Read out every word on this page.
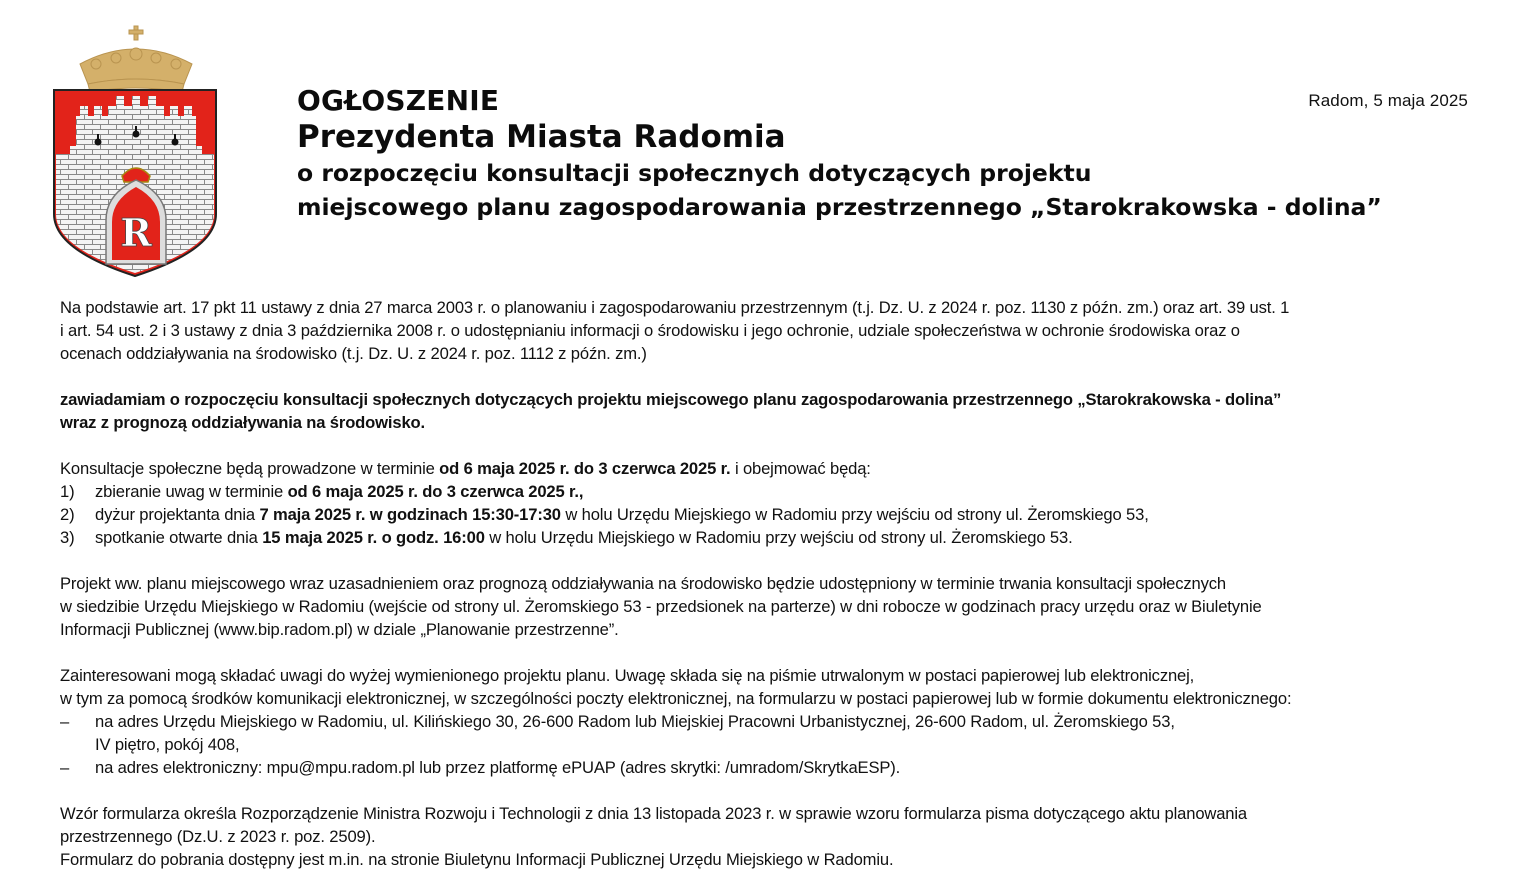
R
Radom, 5 maja 2025
OGŁOSZENIE
Prezydenta Miasta Radomia
o rozpoczęciu konsultacji społecznych dotyczących projektu
miejscowego planu zagospodarowania przestrzennego „Starokrakowska - dolina”

Na podstawie art. 17 pkt 11 ustawy z dnia 27 marca 2003 r. o planowaniu i zagospodarowaniu przestrzennym (t.j. Dz. U. z 2024 r. poz. 1130 z późn. zm.) oraz art. 39 ust. 1

i art. 54 ust. 2 i 3 ustawy z dnia 3 października 2008 r. o udostępnianiu informacji o środowisku i jego ochronie, udziale społeczeństwa w ochronie środowiska oraz o

ocenach oddziaływania na środowisko (t.j. Dz. U. z 2024 r. poz. 1112 z późn. zm.)

zawiadamiam o rozpoczęciu konsultacji społecznych dotyczących projektu miejscowego planu zagospodarowania przestrzennego „Starokrakowska - dolina”

wraz z prognozą oddziaływania na środowisko.

Konsultacje społeczne będą prowadzone w terminie od 6 maja 2025 r. do 3 czerwca 2025 r. i obejmować będą:

1)	zbieranie uwag w terminie od 6 maja 2025 r. do 3 czerwca 2025 r.,
2)	dyżur projektanta dnia 7 maja 2025 r. w godzinach 15:30-17:30 w holu Urzędu Miejskiego w Radomiu przy wejściu od strony ul. Żeromskiego 53,
3)	spotkanie otwarte dnia 15 maja 2025 r. o godz. 16:00 w holu Urzędu Miejskiego w Radomiu przy wejściu od strony ul. Żeromskiego 53.

Projekt ww. planu miejscowego wraz uzasadnieniem oraz prognozą oddziaływania na środowisko będzie udostępniony w terminie trwania konsultacji społecznych

w siedzibie Urzędu Miejskiego w Radomiu (wejście od strony ul. Żeromskiego 53 - przedsionek na parterze) w dni robocze w godzinach pracy urzędu oraz w Biuletynie

Informacji Publicznej (www.bip.radom.pl) w dziale „Planowanie przestrzenne”.

Zainteresowani mogą składać uwagi do wyżej wymienionego projektu planu. Uwagę składa się na piśmie utrwalonym w postaci papierowej lub elektronicznej,

w tym za pomocą środków komunikacji elektronicznej, w szczególności poczty elektronicznej, na formularzu w postaci papierowej lub w formie dokumentu elektronicznego:

–	na adres Urzędu Miejskiego w Radomiu, ul. Kilińskiego 30, 26-600 Radom lub Miejskiej Pracowni Urbanistycznej, 26-600 Radom, ul. Żeromskiego 53,
IV piętro, pokój 408,
–	na adres elektroniczny: mpu@mpu.radom.pl lub przez platformę ePUAP (adres skrytki: /umradom/SkrytkaESP).

Wzór formularza określa Rozporządzenie Ministra Rozwoju i Technologii z dnia 13 listopada 2023 r. w sprawie wzoru formularza pisma dotyczącego aktu planowania

przestrzennego (Dz.U. z 2023 r. poz. 2509).

Formularz do pobrania dostępny jest m.in. na stronie Biuletynu Informacji Publicznej Urzędu Miejskiego w Radomiu.
